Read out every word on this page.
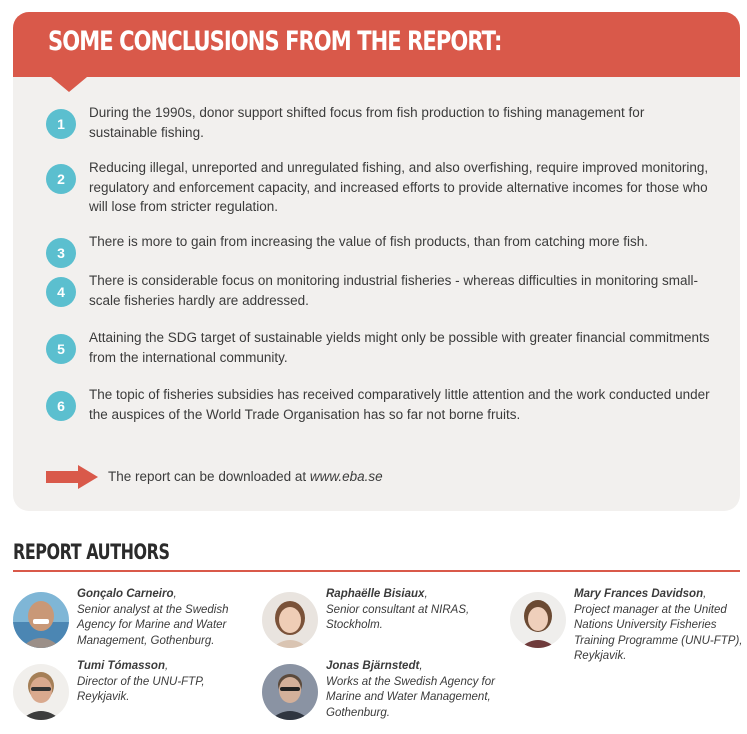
SOME CONCLUSIONS FROM THE REPORT:
1
During the 1990s, donor support shifted focus from fish production to fishing management for sustainable fishing.
2
Reducing illegal, unreported and unregulated fishing, and also overfishing, require improved monitoring, regulatory and enforcement capacity, and increased efforts to provide alternative incomes for those who will lose from stricter regulation.
3
There is more to gain from increasing the value of fish products, than from catching more fish.
4
There is considerable focus on monitoring industrial fisheries - whereas difficulties in monitoring small-scale fisheries hardly are addressed.
5
Attaining the SDG target of sustainable yields might only be possible with greater financial commitments from the international community.
6
The topic of fisheries subsidies has received comparatively little attention and the work conducted under the auspices of the World Trade Organisation has so far not borne fruits.
The report can be downloaded at www.eba.se
REPORT AUTHORS
Gonçalo Carneiro,
Senior analyst at the Swedish Agency for Marine and Water Management, Gothenburg.
Raphaëlle Bisiaux,
Senior consultant at NIRAS, Stockholm.
Mary Frances Davidson,
Project manager at the United Nations University Fisheries Training Programme (UNU-FTP), Reykjavik.
Tumi Tómasson,
Director of the UNU-FTP, Reykjavik.
Jonas Bjärnstedt,
Works at the Swedish Agency for Marine and Water Management, Gothenburg.
